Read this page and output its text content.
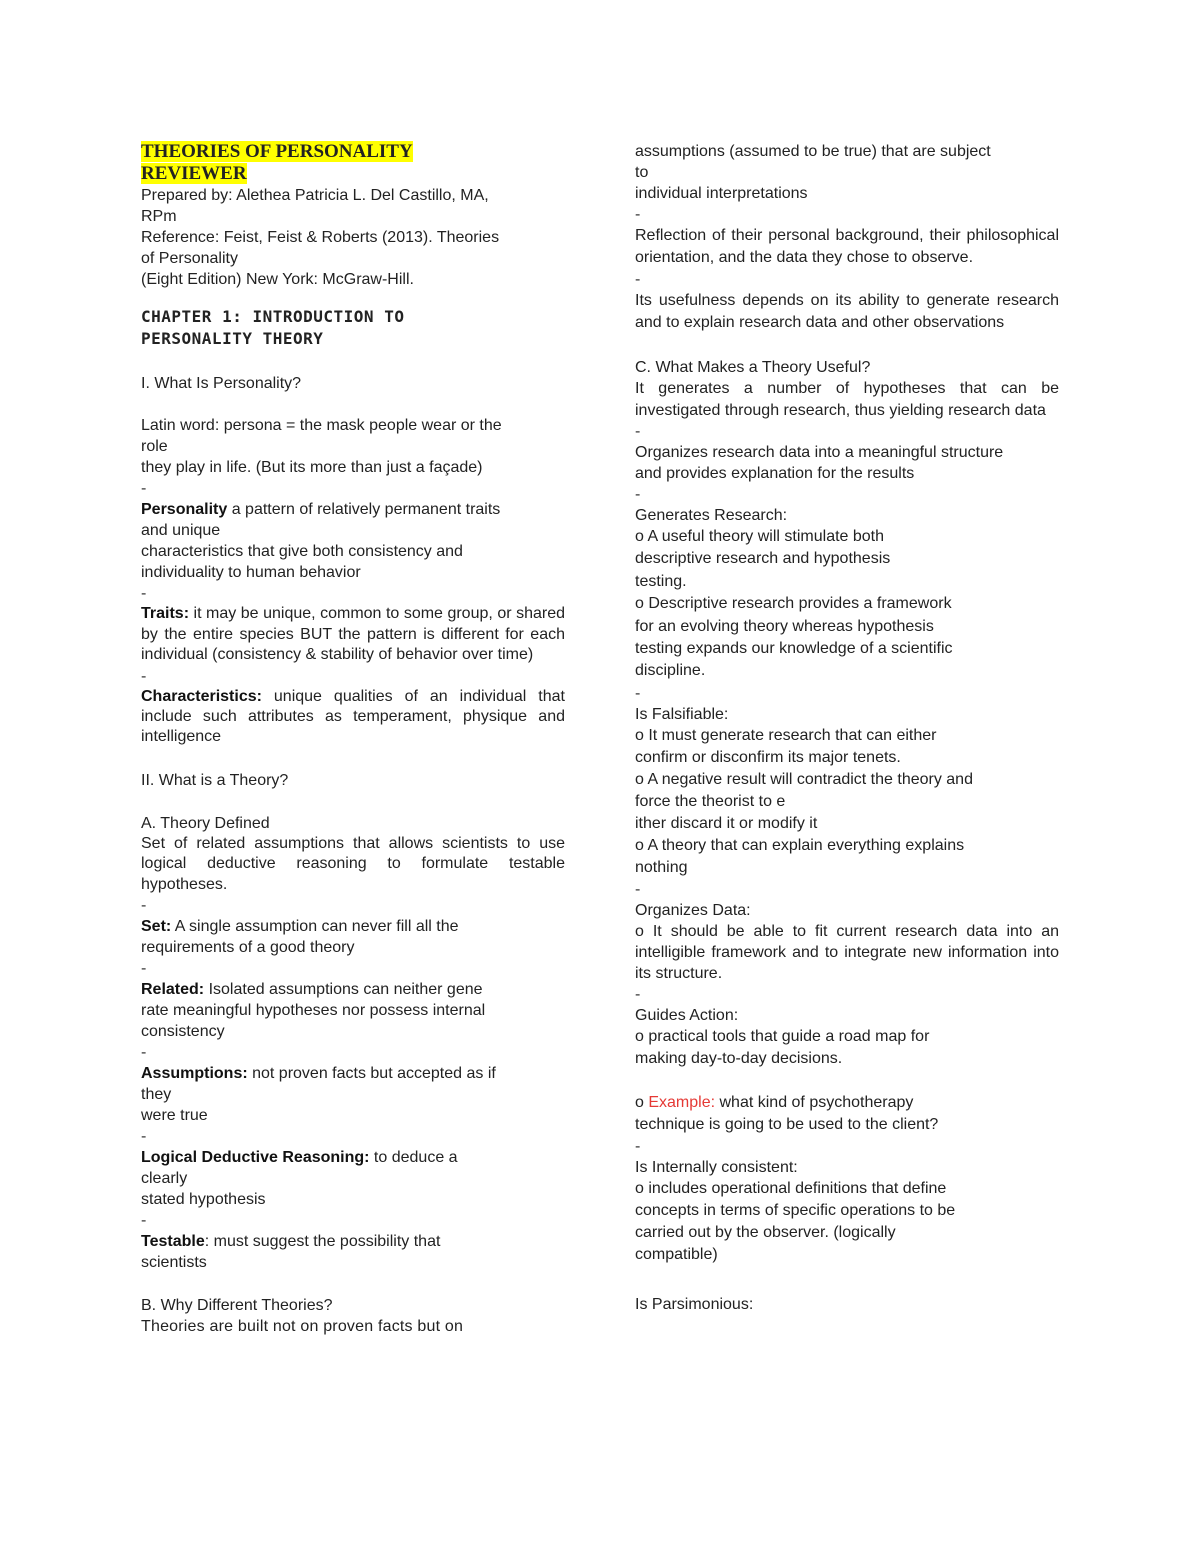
THEORIES OF PERSONALITY
REVIEWER
Prepared by: Alethea Patricia L. Del Castillo, MA,
RPm
Reference: Feist, Feist & Roberts (2013). Theories
of Personality
(Eight Edition) New York: McGraw-Hill.
CHAPTER 1: INTRODUCTION TO
PERSONALITY THEORY
I. What Is Personality?
Latin word: persona = the mask people wear or the
role
they play in life. (But its more than just a façade)
-
Personality a pattern of relatively permanent traits
and unique
characteristics that give both consistency and
individuality to human behavior
-
Traits: it may be unique, common to some group, or shared by the entire species BUT the pattern is different for each individual (consistency & stability of behavior over time)
-
Characteristics: unique qualities of an individual that include such attributes as temperament, physique and intelligence
II. What is a Theory?
A. Theory Defined
Set of related assumptions that allows scientists to use logical deductive reasoning to formulate testable hypotheses.
-
Set: A single assumption can never fill all the
requirements of a good theory
-
Related: Isolated assumptions can neither gene
rate meaningful hypotheses nor possess internal
consistency
-
Assumptions: not proven facts but accepted as if
they
were true
-
Logical Deductive Reasoning: to deduce a
clearly
stated hypothesis
-
Testable: must suggest the possibility that
scientists
B. Why Different Theories?
Theories are built not on proven facts but on
assumptions (assumed to be true) that are subject
to
individual interpretations
-
Reflection of their personal background, their philosophical orientation, and the data they chose to observe.
-
Its usefulness depends on its ability to generate research and to explain research data and other observations
C. What Makes a Theory Useful?
It generates a number of hypotheses that can be investigated through research, thus yielding research data
-
Organizes research data into a meaningful structure
and provides explanation for the results
-
Generates Research:
o A useful theory will stimulate both
descriptive research and hypothesis
testing.
o Descriptive research provides a framework
for an evolving theory whereas hypothesis
testing expands our knowledge of a scientific
discipline.
-
Is Falsifiable:
o It must generate research that can either
confirm or disconfirm its major tenets.
o A negative result will contradict the theory and
force the theorist to e
ither discard it or modify it
o A theory that can explain everything explains
nothing
-
Organizes Data:
o It should be able to fit current research data into an intelligible framework and to integrate new information into its structure.
-
Guides Action:
o practical tools that guide a road map for
making day-to-day decisions.
o Example: what kind of psychotherapy
technique is going to be used to the client?
-
Is Internally consistent:
o includes operational definitions that define
concepts in terms of specific operations to be
carried out by the observer. (logically
compatible)
Is Parsimonious:
